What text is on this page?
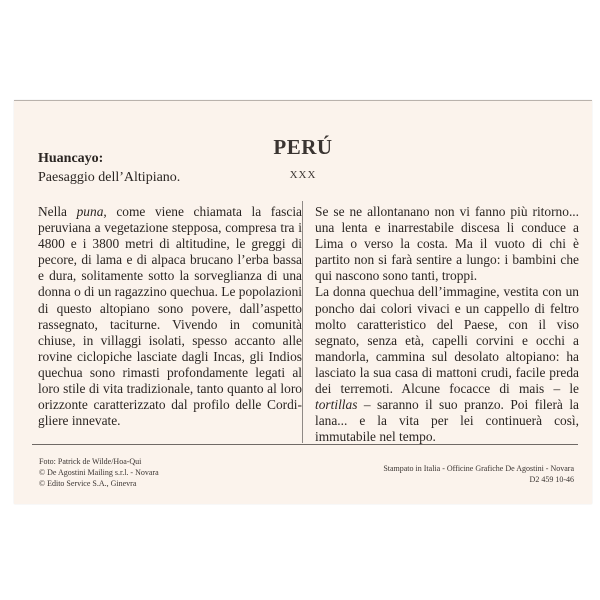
PERÚ
XXX
Huancayo:
Paesaggio dell’Altipiano.

Nella puna, come viene chiamata la fascia peruviana a vegetazione stepposa, compresa tra i 4800 e i 3800 metri di altitudine, le greggi di pecore, di lama e di alpaca brucano l’erba bassa e dura, solitamente sotto la sorveglianza di una donna o di un ragazzino quechua. Le popolazioni di questo altopiano sono povere, dall’aspetto rassegnato, taciturne. Vivendo in comunità chiuse, in villaggi isolati, spesso accanto alle rovine ciclopiche lasciate dagli Incas, gli Indios quechua sono rimasti profondamente legati al loro stile di vita tradizionale, tanto quanto al loro orizzonte caratterizzato dal profilo delle Cordigliere innevate.

Se se ne allontanano non vi fanno più ritorno... una lenta e inarrestabile discesa li conduce a Lima o verso la costa. Ma il vuoto di chi è partito non si farà sentire a lungo: i bambini che qui nascono sono tanti, troppi.

La donna quechua dell’immagine, vestita con un poncho dai colori vivaci e un cappello di feltro molto caratteristico del Paese, con il viso segnato, senza età, capelli corvini e occhi a mandorla, cammina sul desolato altopiano: ha lasciato la sua casa di mattoni crudi, facile preda dei terremoti. Alcune focacce di mais – le tortillas – saranno il suo pranzo. Poi filerà la lana... e la vita per lei continuerà così, immutabile nel tempo.

Foto: Patrick de Wilde/Hoa-Qui
© De Agostini Mailing s.r.l. - Novara
© Edito Service S.A., Ginevra
Stampato in Italia - Officine Grafiche De Agostini - Novara
D2 459 10-46
